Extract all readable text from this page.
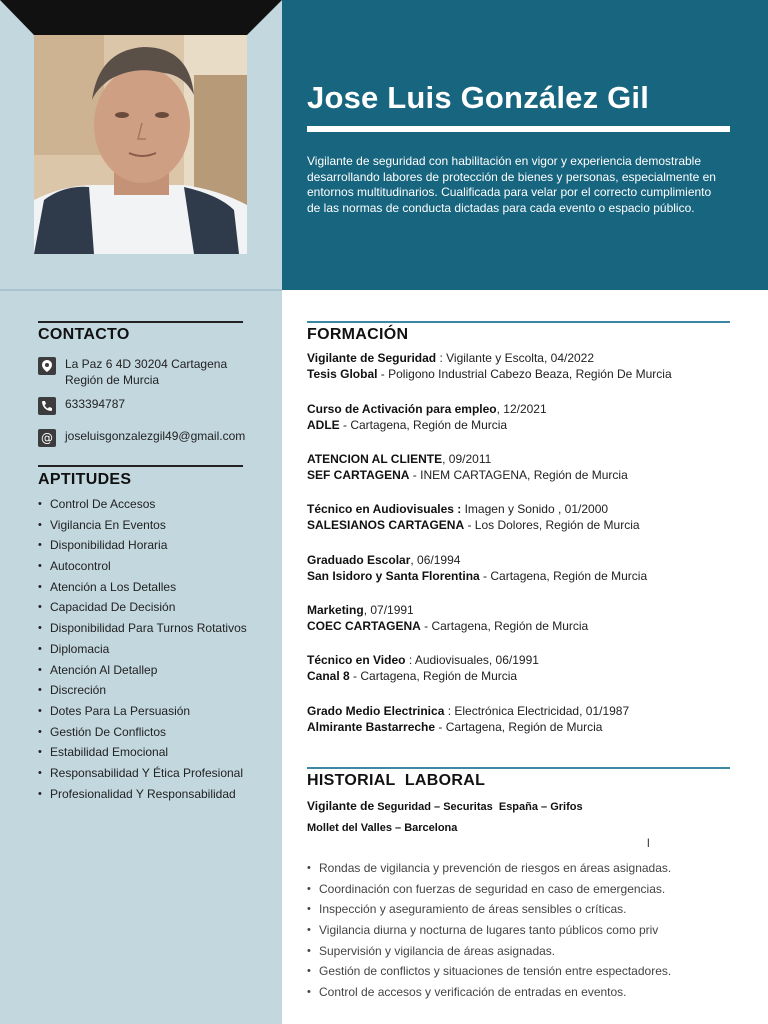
Jose Luis González Gil

Vigilante de seguridad con habilitación en vigor y experiencia demostrable desarrollando labores de protección de bienes y personas, especialmente en entornos multitudinarios. Cualificada para velar por el correcto cumplimiento de las normas de conducta dictadas para cada evento o espacio público.

CONTACTO
La Paz 6 4D 30204 Cartagena
Región de Murcia
633394787
@ joseluisgonzalezgil49@gmail.com
APTITUDES
• Control De Accesos
• Vigilancia En Eventos
• Disponibilidad Horaria
• Autocontrol
• Atención a Los Detalles
• Capacidad De Decisión
• Disponibilidad Para Turnos Rotativos
• Diplomacia
• Atención Al Detallep
• Discreción
• Dotes Para La Persuasión
• Gestión De Conflictos
• Estabilidad Emocional
• Responsabilidad Y Ética Profesional
• Profesionalidad Y Responsabilidad
FORMACIÓN
Vigilante de Seguridad : Vigilante y Escolta, 04/2022
Tesis Global - Poligono Industrial Cabezo Beaza, Región De Murcia
Curso de Activación para empleo, 12/2021
ADLE - Cartagena, Región de Murcia
ATENCION AL CLIENTE, 09/2011
SEF CARTAGENA - INEM CARTAGENA, Región de Murcia
Técnico en Audiovisuales : Imagen y Sonido , 01/2000
SALESIANOS CARTAGENA - Los Dolores, Región de Murcia
Graduado Escolar, 06/1994
San Isidoro y Santa Florentina - Cartagena, Región de Murcia
Marketing, 07/1991
COEC CARTAGENA - Cartagena, Región de Murcia
Técnico en Video : Audiovisuales, 06/1991
Canal 8 - Cartagena, Región de Murcia
Grado Medio Electrinica : Electrónica Electricidad, 01/1987
Almirante Bastarreche - Cartagena, Región de Murcia
HISTORIAL  LABORAL
Vigilante de Seguridad – Securitas  España – Grifos
Mollet del Valles – Barcelona
l
• Rondas de vigilancia y prevención de riesgos en áreas asignadas.
• Coordinación con fuerzas de seguridad en caso de emergencias.
• Inspección y aseguramiento de áreas sensibles o críticas.
• Vigilancia diurna y nocturna de lugares tanto públicos como priv
• Supervisión y vigilancia de áreas asignadas.
• Gestión de conflictos y situaciones de tensión entre espectadores.
• Control de accesos y verificación de entradas en eventos.
